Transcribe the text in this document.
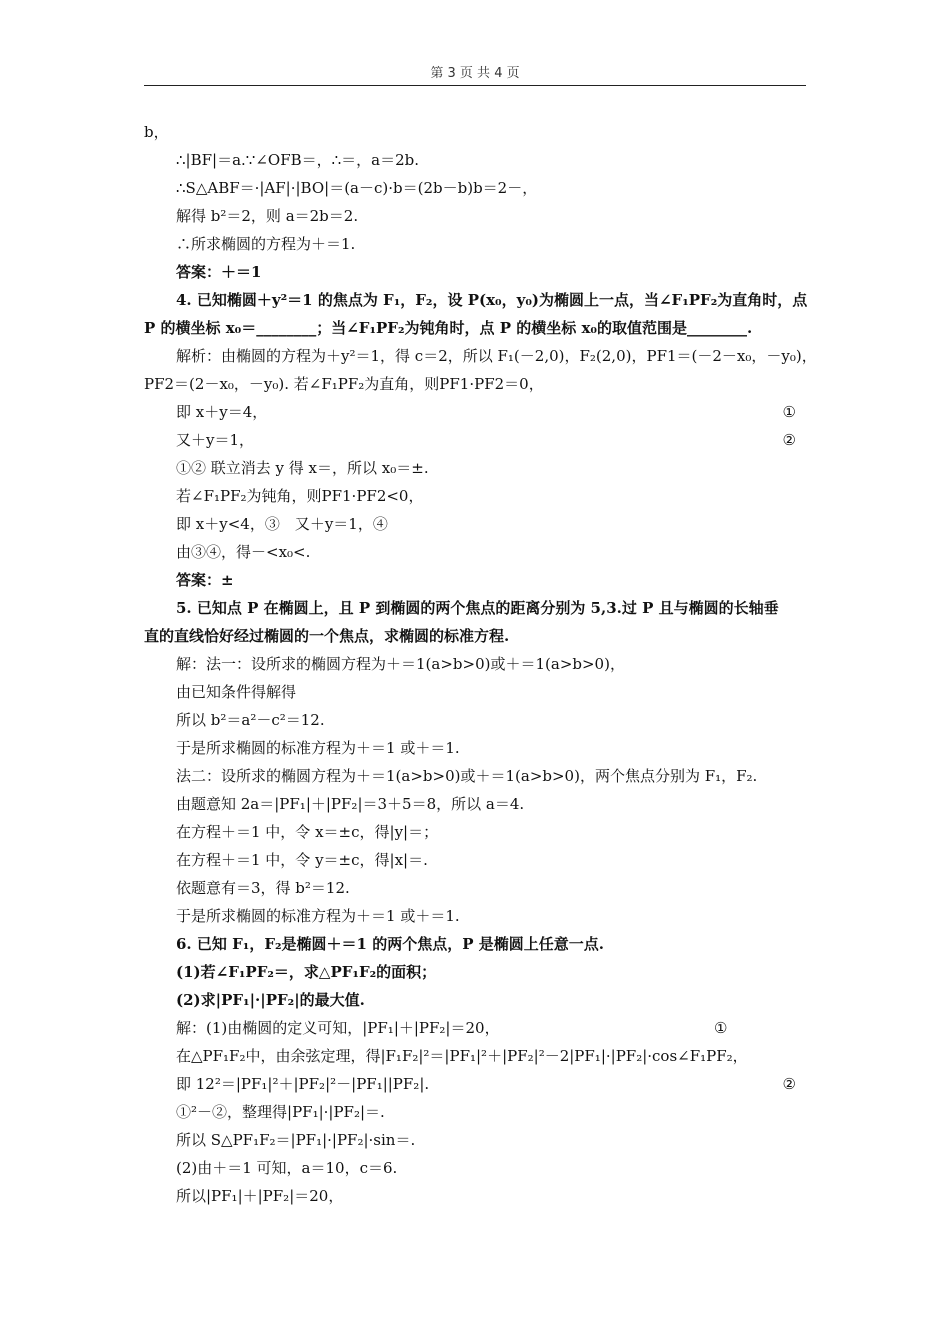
第 3 页 共 4 页
b，
∴|BF|＝a.∵∠OFB＝，∴＝，a＝2b.
∴S△ABF＝·|AF|·|BO|＝(a－c)·b＝(2b－b)b＝2－，
解得 b²＝2，则 a＝2b＝2.
∴所求椭圆的方程为＋＝1.
答案：＋＝1
4. 已知椭圆＋y²＝1 的焦点为 F₁，F₂，设 P(x₀，y₀)为椭圆上一点，当∠F₁PF₂为直角时，点
P 的横坐标 x₀＝________；当∠F₁PF₂为钝角时，点 P 的横坐标 x₀的取值范围是________.
解析：由椭圆的方程为＋y²＝1，得 c＝2，所以 F₁(－2,0)，F₂(2,0)，PF1＝(－2－x₀，－y₀)，
PF2＝(2－x₀，－y₀). 若∠F₁PF₂为直角，则PF1·PF2＝0，
即 x＋y＝4，	①
又＋y＝1，	②
①② 联立消去 y 得 x＝，所以 x₀＝±.
若∠F₁PF₂为钝角，则PF1·PF2<0，
即 x＋y<4，③　又＋y＝1，④
由③④，得－<x₀<.
答案：±
5. 已知点 P 在椭圆上，且 P 到椭圆的两个焦点的距离分别为 5,3.过 P 且与椭圆的长轴垂
直的直线恰好经过椭圆的一个焦点，求椭圆的标准方程.
解：法一：设所求的椭圆方程为＋＝1(a>b>0)或＋＝1(a>b>0)，
由已知条件得解得
所以 b²＝a²－c²＝12.
于是所求椭圆的标准方程为＋＝1 或＋＝1.
法二：设所求的椭圆方程为＋＝1(a>b>0)或＋＝1(a>b>0)，两个焦点分别为 F₁，F₂.
由题意知 2a＝|PF₁|＋|PF₂|＝3＋5＝8，所以 a＝4.
在方程＋＝1 中，令 x＝±c，得|y|＝；
在方程＋＝1 中，令 y＝±c，得|x|＝.
依题意有＝3，得 b²＝12.
于是所求椭圆的标准方程为＋＝1 或＋＝1.
6. 已知 F₁，F₂是椭圆＋＝1 的两个焦点，P 是椭圆上任意一点.
(1)若∠F₁PF₂＝，求△PF₁F₂的面积；
(2)求|PF₁|·|PF₂|的最大值.
解：(1)由椭圆的定义可知，|PF₁|＋|PF₂|＝20，	①
在△PF₁F₂中，由余弦定理，得|F₁F₂|²＝|PF₁|²＋|PF₂|²－2|PF₁|·|PF₂|·cos∠F₁PF₂，
即 12²＝|PF₁|²＋|PF₂|²－|PF₁||PF₂|.	②
①²－②，整理得|PF₁|·|PF₂|＝.
所以 S△PF₁F₂＝|PF₁|·|PF₂|·sin＝.
(2)由＋＝1 可知，a＝10，c＝6.
所以|PF₁|＋|PF₂|＝20，
